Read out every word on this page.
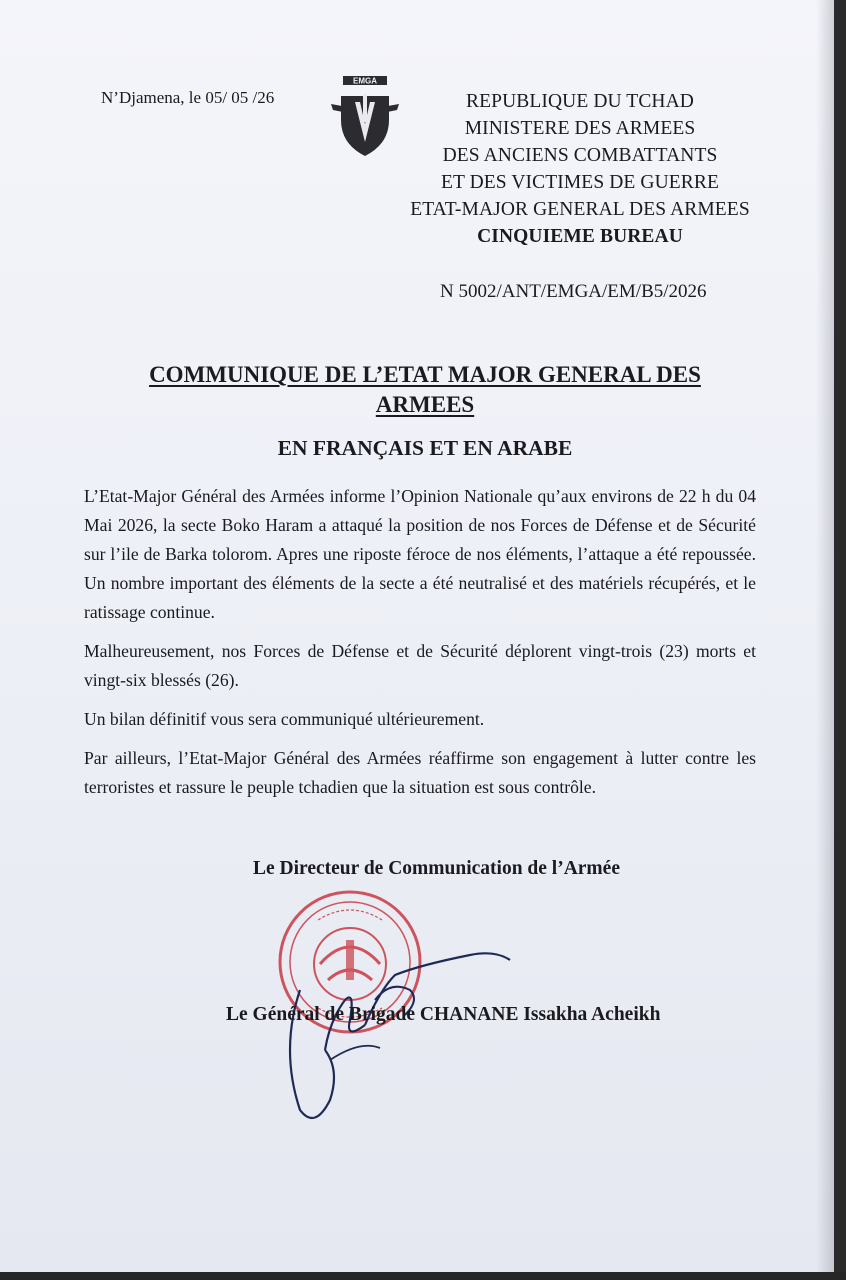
N’Djamena, le 05/ 05 /26
EMGA
REPUBLIQUE DU TCHAD
MINISTERE DES ARMEES
DES ANCIENS COMBATTANTS
ET DES VICTIMES DE GUERRE
ETAT-MAJOR GENERAL DES ARMEES
CINQUIEME BUREAU
N 5002/ANT/EMGA/EM/B5/2026
COMMUNIQUE DE L’ETAT MAJOR GENERAL DES
ARMEES
EN FRANÇAIS ET EN ARABE

L’Etat-Major Général des Armées informe l’Opinion Nationale qu’aux environs de 22 h du 04 Mai 2026, la secte Boko Haram a attaqué la position de nos Forces de Défense et de Sécurité sur l’ile de Barka tolorom. Apres une riposte féroce de nos éléments, l’attaque a été repoussée. Un nombre important des éléments de la secte a été neutralisé et des matériels récupérés, et le ratissage continue.

Malheureusement, nos Forces de Défense et de Sécurité déplorent vingt-trois (23) morts et vingt-six blessés (26).

Un bilan définitif vous sera communiqué ultérieurement.

Par ailleurs, l’Etat-Major Général des Armées réaffirme son engagement à lutter contre les terroristes et rassure le peuple tchadien que la situation est sous contrôle.

Le Directeur de Communication de l’Armée
Le Général de Brigade CHANANE Issakha Acheikh
